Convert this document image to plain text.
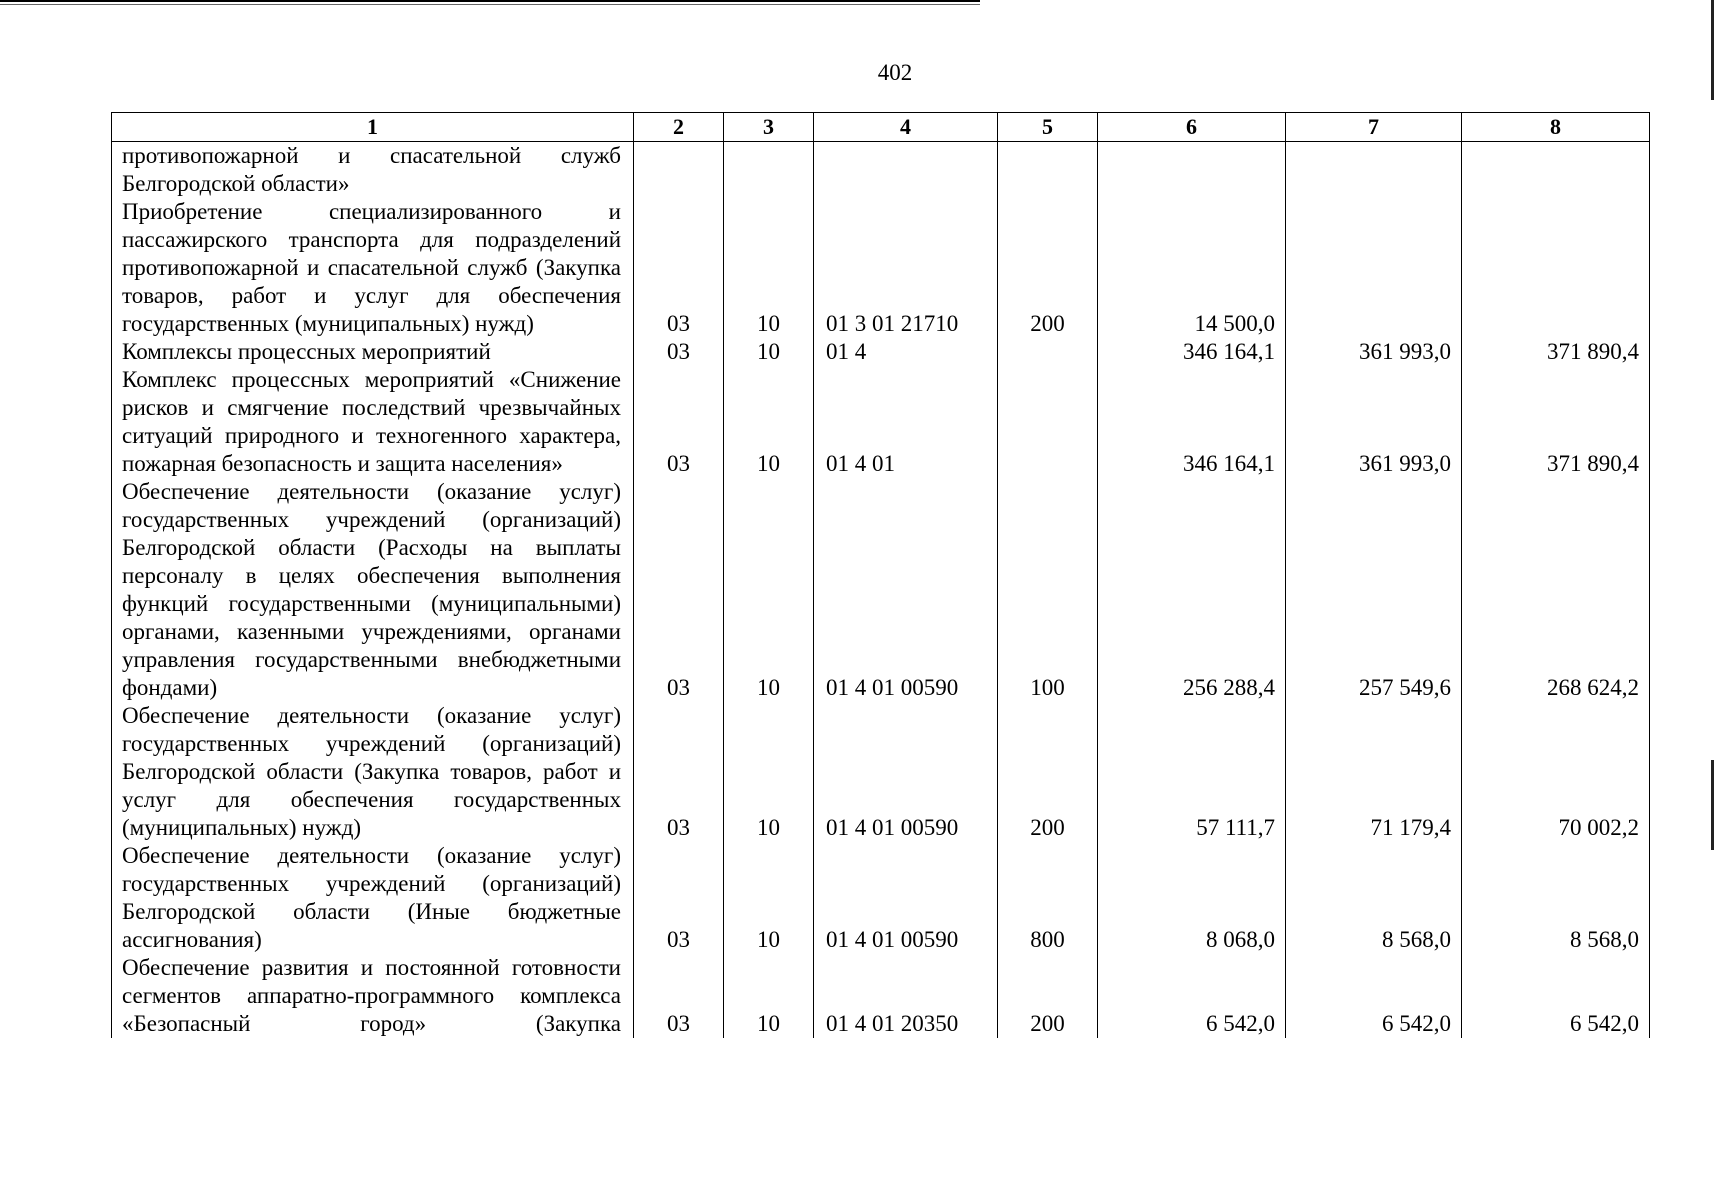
402
1	2	3	4	5	6	7	8
противопожарной и спасательной служб Белгородской области»							
Приобретение специализированного и пассажирского транспорта для подразделений противопожарной и спасательной служб (Закупка товаров, работ и услуг для обеспечения государственных (муниципальных) нужд)	03	10	01 3 01 21710	200	14 500,0		
Комплексы процессных мероприятий	03	10	01 4		346 164,1	361 993,0	371 890,4
Комплекс процессных мероприятий «Снижение рисков и смягчение последствий чрезвычайных ситуаций природного и техногенного характера, пожарная безопасность и защита населения»	03	10	01 4 01		346 164,1	361 993,0	371 890,4
Обеспечение деятельности (оказание услуг) государственных учреждений (организаций) Белгородской области (Расходы на выплаты персоналу в целях обеспечения выполнения функций государственными (муниципальными) органами, казенными учреждениями, органами управления государственными внебюджетными фондами)	03	10	01 4 01 00590	100	256 288,4	257 549,6	268 624,2
Обеспечение деятельности (оказание услуг) государственных учреждений (организаций) Белгородской области (Закупка товаров, работ и услуг для обеспечения государственных (муниципальных) нужд)	03	10	01 4 01 00590	200	57 111,7	71 179,4	70 002,2
Обеспечение деятельности (оказание услуг) государственных учреждений (организаций) Белгородской области (Иные бюджетные ассигнования)	03	10	01 4 01 00590	800	8 068,0	8 568,0	8 568,0
Обеспечение развития и постоянной готовности сегментов аппаратно-программного комплекса «Безопасный город» (Закупка	03	10	01 4 01 20350	200	6 542,0	6 542,0	6 542,0
